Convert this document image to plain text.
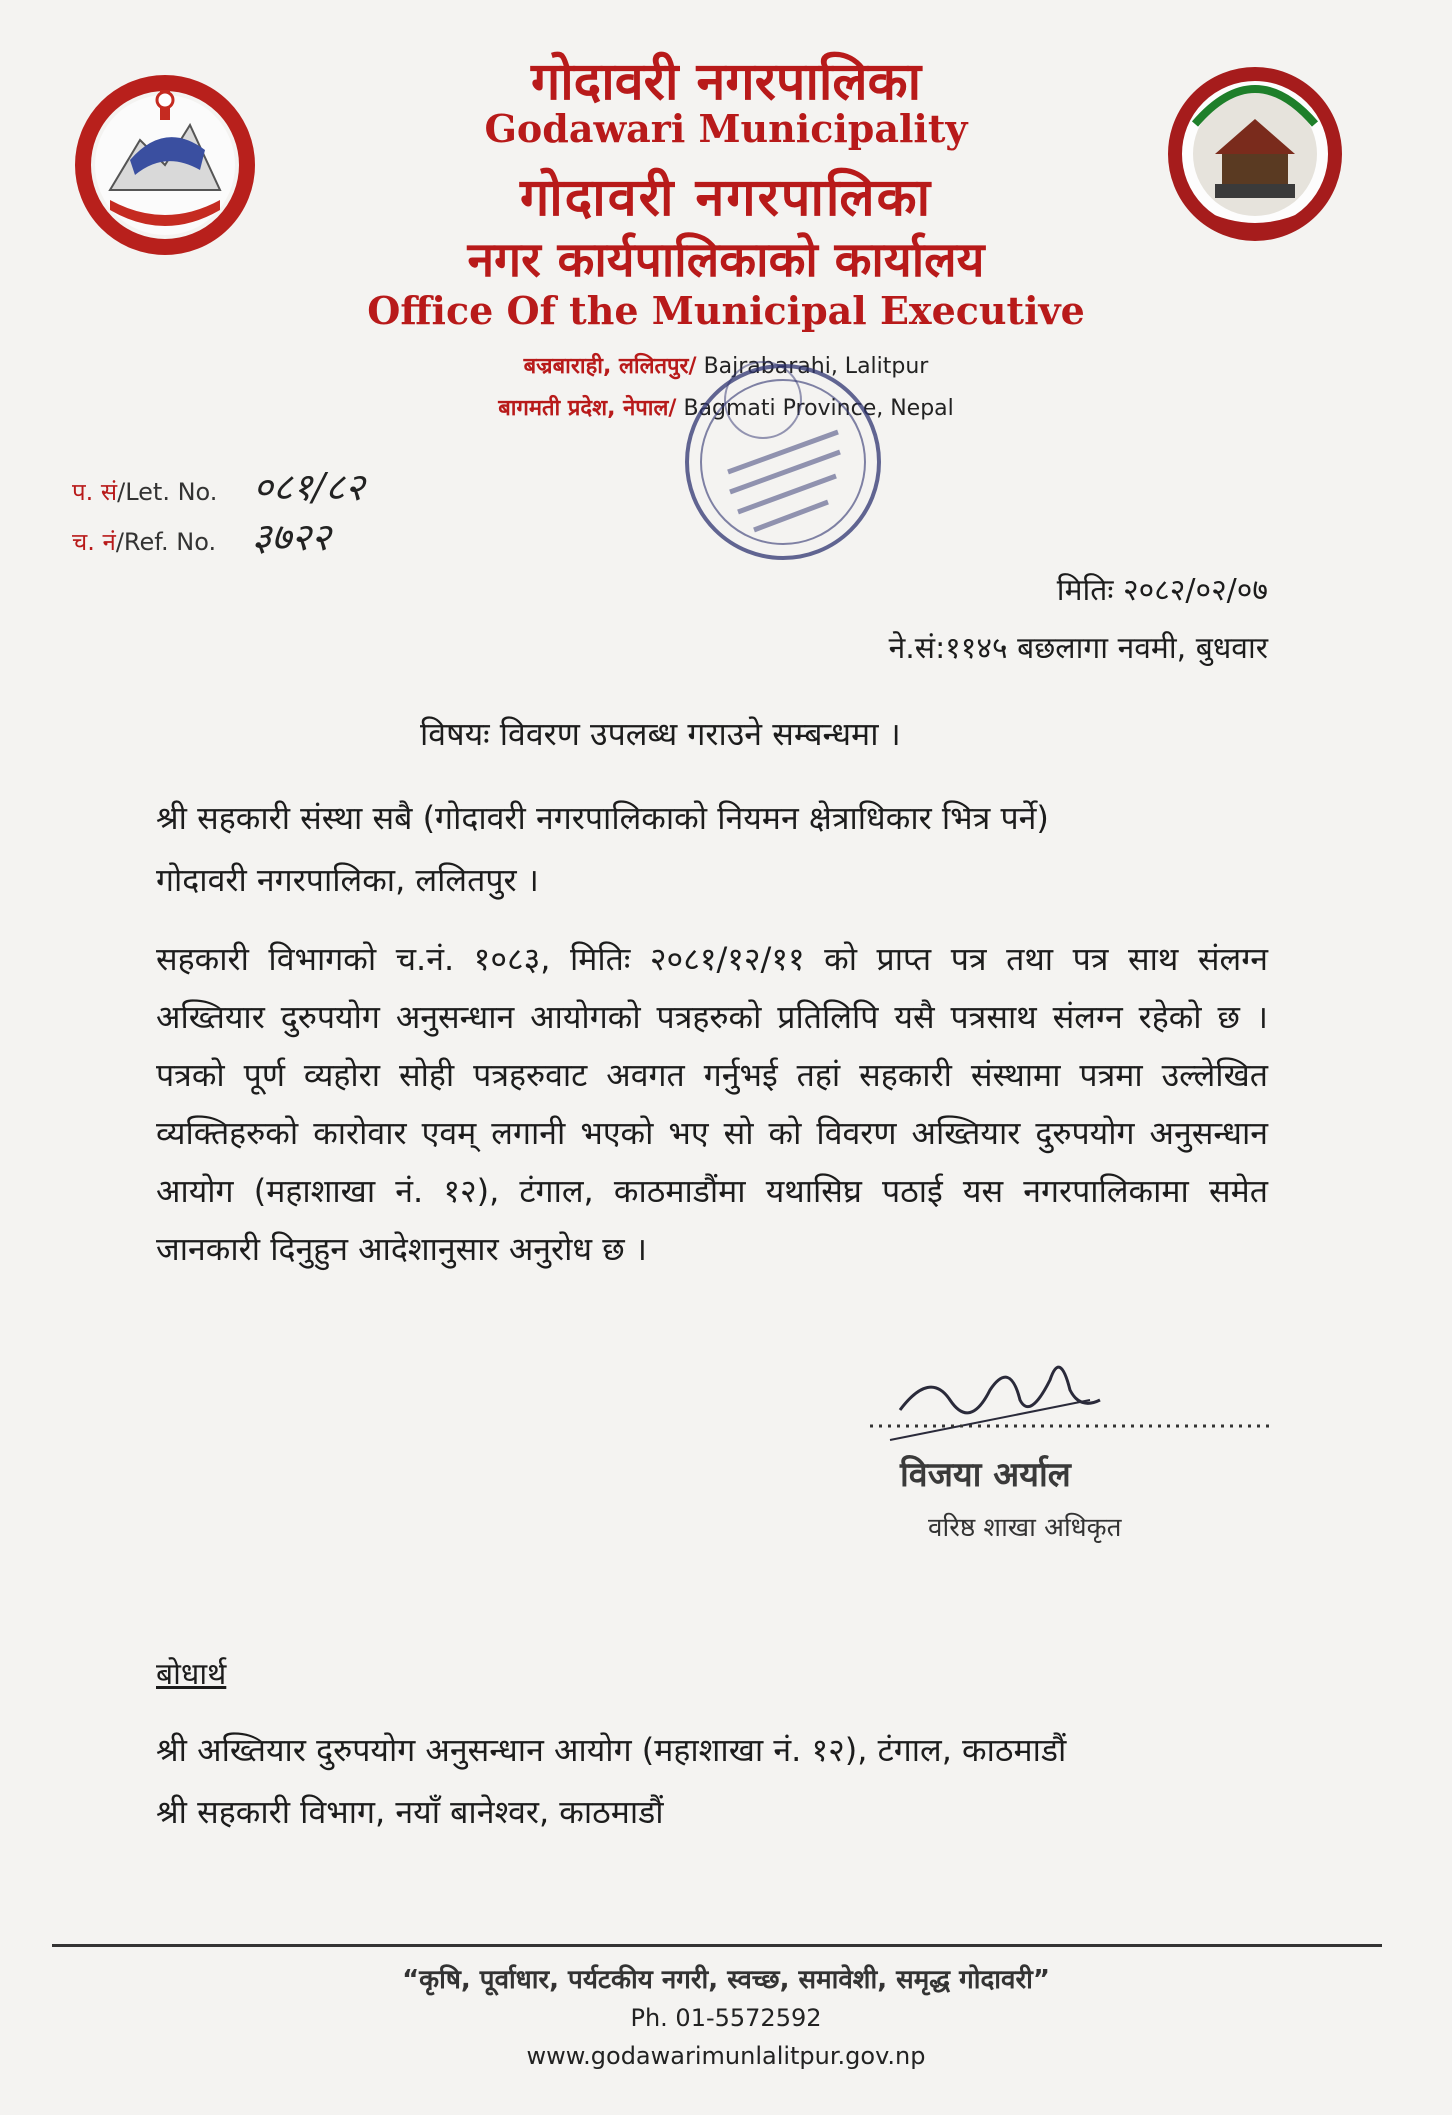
गोदावरी नगरपालिका
Godawari Municipality
गोदावरी नगरपालिका
नगर कार्यपालिकाको कार्यालय
Office Of the Municipal Executive
बज्रबाराही, ललितपुर/ Bajrabarahi, Lalitpur
बागमती प्रदेश, नेपाल/ Bagmati Province, Nepal
प. सं/Let. No. ०८१/८२
च. नं/Ref. No. ३७२२
मितिः २०८२/०२/०७
ने.सं:११४५ बछलागा नवमी, बुधवार
विषयः विवरण उपलब्ध गराउने सम्बन्धमा ।
श्री सहकारी संस्था सबै (गोदावरी नगरपालिकाको नियमन क्षेत्राधिकार भित्र पर्ने)
गोदावरी नगरपालिका, ललितपुर ।
सहकारी विभागको च.नं. १०८३, मितिः २०८१/१२/११ को प्राप्त पत्र तथा पत्र साथ संलग्न अख्तियार दुरुपयोग अनुसन्धान आयोगको पत्रहरुको प्रतिलिपि यसै पत्रसाथ संलग्न रहेको छ । पत्रको पूर्ण व्यहोरा सोही पत्रहरुवाट अवगत गर्नुभई तहां सहकारी संस्थामा पत्रमा उल्लेखित व्यक्तिहरुको कारोवार एवम् लगानी भएको भए सो को विवरण अख्तियार दुरुपयोग अनुसन्धान आयोग (महाशाखा नं. १२), टंगाल, काठमाडौंमा यथासिघ्र पठाई यस नगरपालिकामा समेत जानकारी दिनुहुन आदेशानुसार अनुरोध छ ।
विजया अर्याल
वरिष्ठ शाखा अधिकृत
बोधार्थ
श्री अख्तियार दुरुपयोग अनुसन्धान आयोग (महाशाखा नं. १२), टंगाल, काठमाडौं
श्री सहकारी विभाग, नयाँ बानेश्वर, काठमाडौं
“कृषि, पूर्वाधार, पर्यटकीय नगरी, स्वच्छ, समावेशी, समृद्ध गोदावरी”
Ph. 01-5572592
www.godawarimunlalitpur.gov.np
